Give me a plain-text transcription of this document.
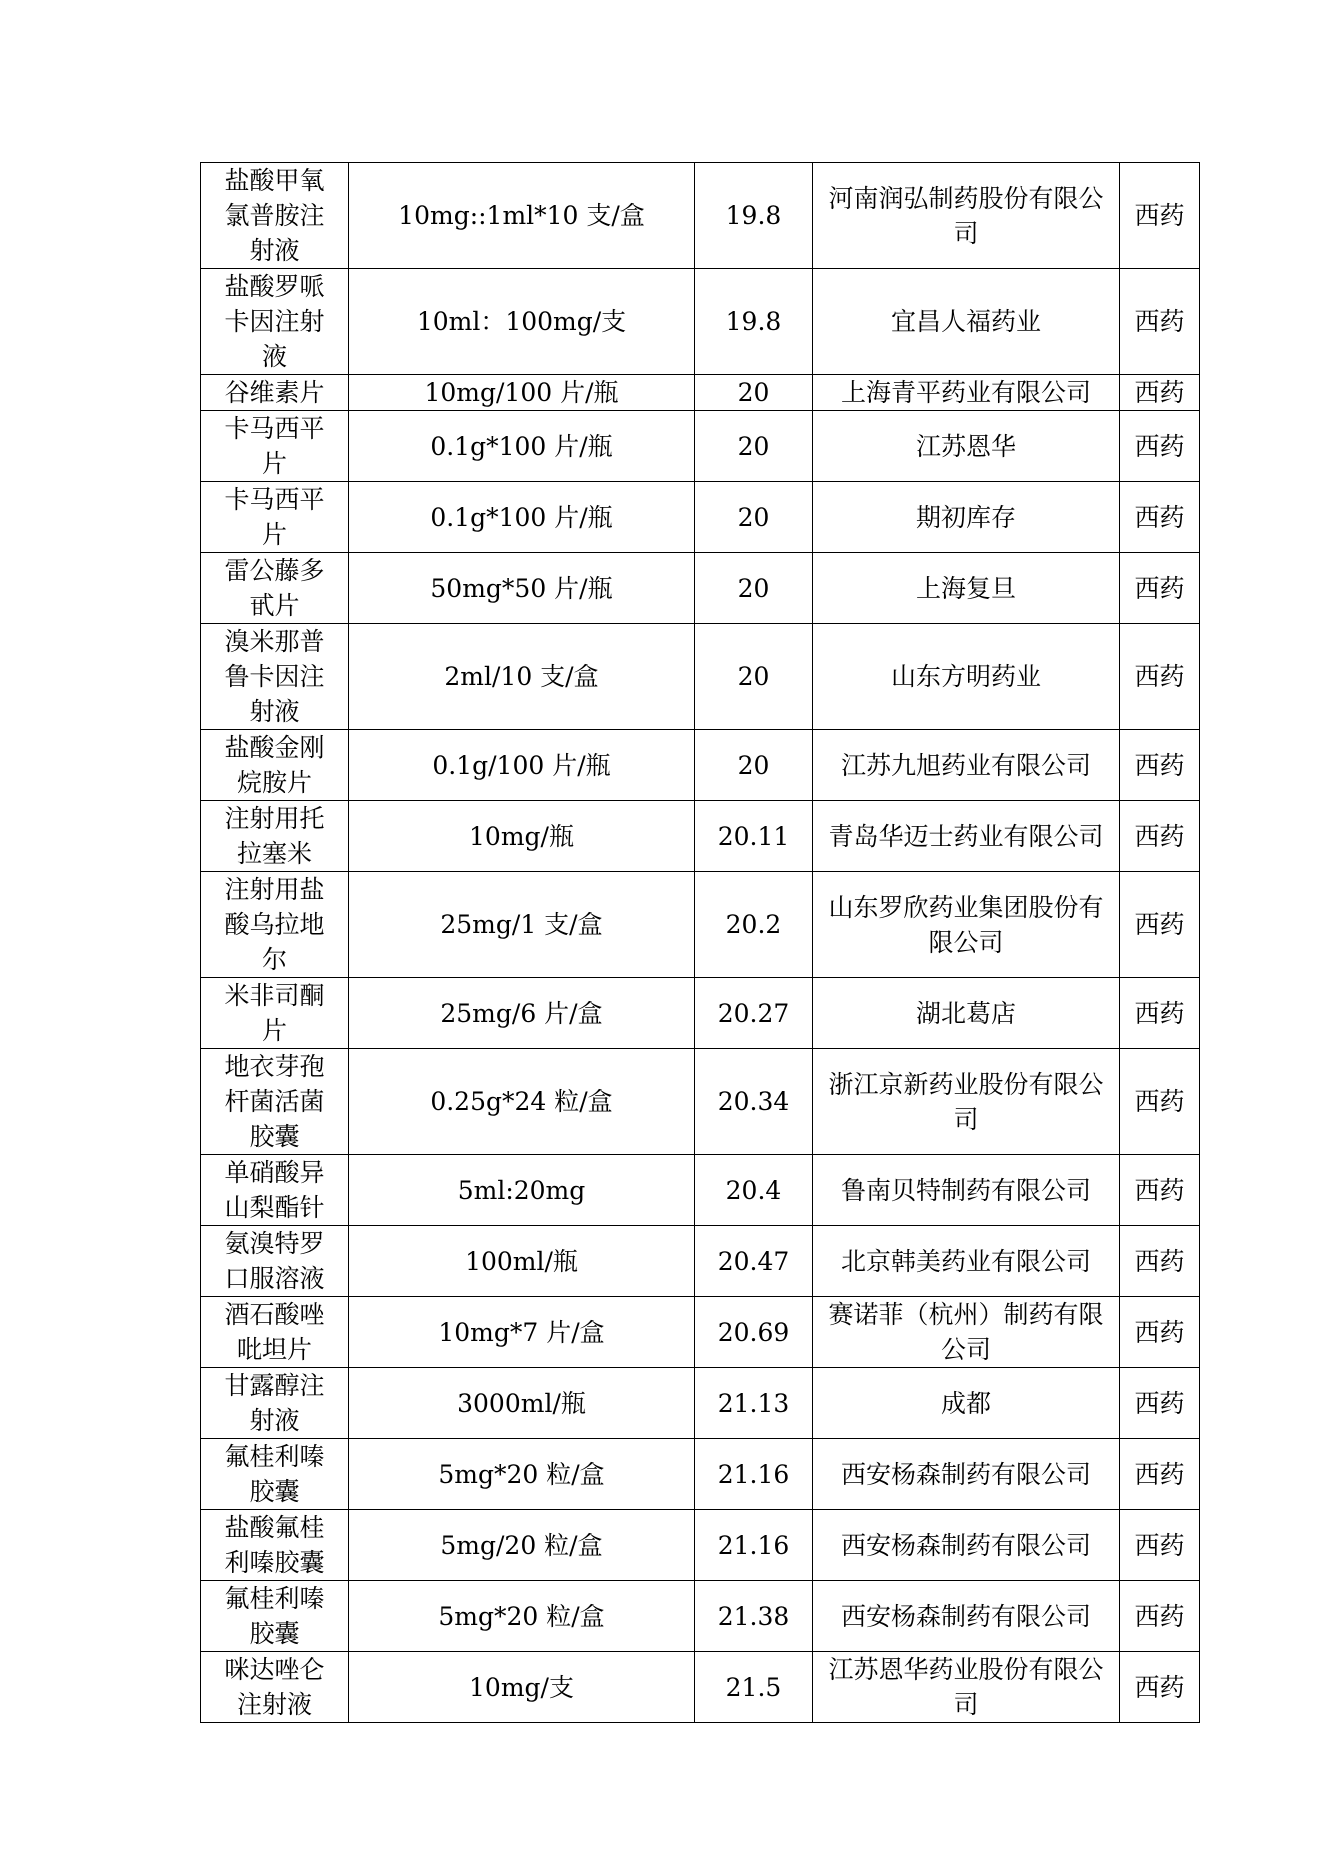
盐酸甲氧氯普胺注射液	10mg::1ml*10 支/盒	19.8	河南润弘制药股份有限公司	西药
盐酸罗哌卡因注射液	10ml：100mg/支	19.8	宜昌人福药业	西药
谷维素片	10mg/100 片/瓶	20	上海青平药业有限公司	西药
卡马西平片	0.1g*100 片/瓶	20	江苏恩华	西药
卡马西平片	0.1g*100 片/瓶	20	期初库存	西药
雷公藤多甙片	50mg*50 片/瓶	20	上海复旦	西药
溴米那普鲁卡因注射液	2ml/10 支/盒	20	山东方明药业	西药
盐酸金刚烷胺片	0.1g/100 片/瓶	20	江苏九旭药业有限公司	西药
注射用托拉塞米	10mg/瓶	20.11	青岛华迈士药业有限公司	西药
注射用盐酸乌拉地尔	25mg/1 支/盒	20.2	山东罗欣药业集团股份有限公司	西药
米非司酮片	25mg/6 片/盒	20.27	湖北葛店	西药
地衣芽孢杆菌活菌胶囊	0.25g*24 粒/盒	20.34	浙江京新药业股份有限公司	西药
单硝酸异山梨酯针	5ml:20mg	20.4	鲁南贝特制药有限公司	西药
氨溴特罗口服溶液	100ml/瓶	20.47	北京韩美药业有限公司	西药
酒石酸唑吡坦片	10mg*7 片/盒	20.69	赛诺菲（杭州）制药有限公司	西药
甘露醇注射液	3000ml/瓶	21.13	成都	西药
氟桂利嗪胶囊	5mg*20 粒/盒	21.16	西安杨森制药有限公司	西药
盐酸氟桂利嗪胶囊	5mg/20 粒/盒	21.16	西安杨森制药有限公司	西药
氟桂利嗪胶囊	5mg*20 粒/盒	21.38	西安杨森制药有限公司	西药
咪达唑仑注射液	10mg/支	21.5	江苏恩华药业股份有限公司	西药
